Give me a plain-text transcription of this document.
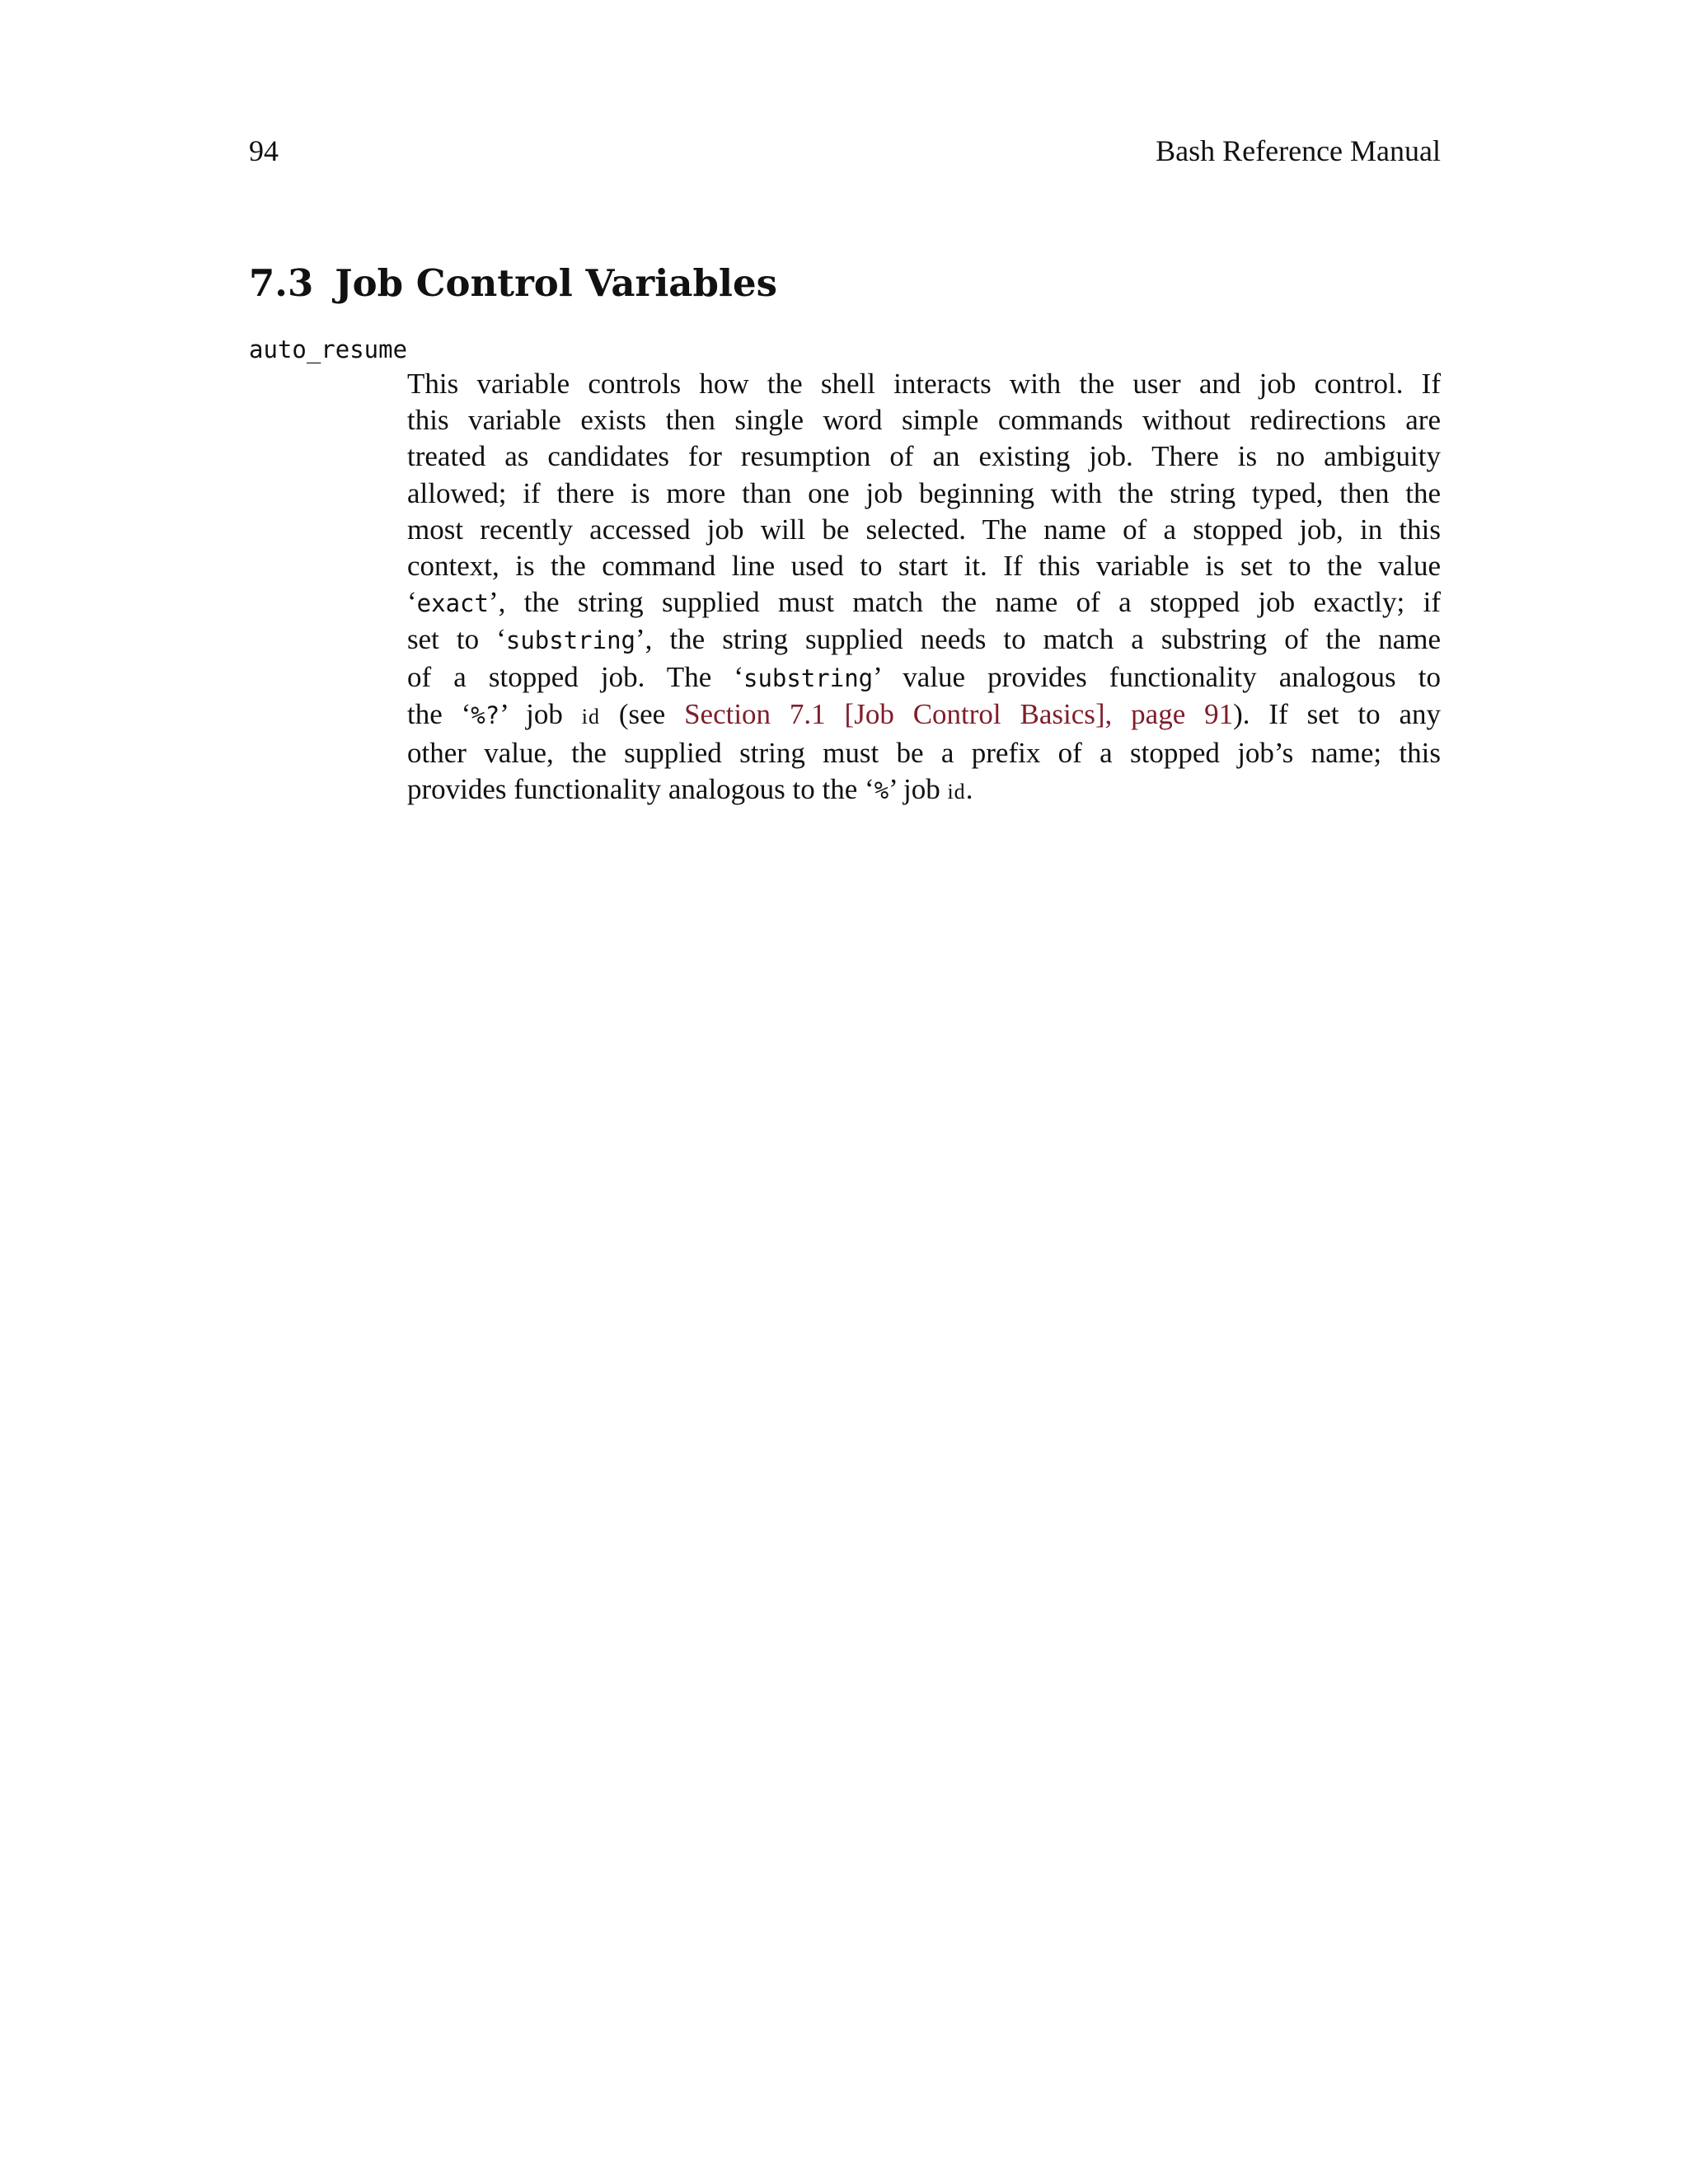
94	Bash Reference Manual
7.3 Job Control Variables
auto_resume
This variable controls how the shell interacts with the user and job control. If
this variable exists then single word simple commands without redirections are
treated as candidates for resumption of an existing job. There is no ambiguity
allowed; if there is more than one job beginning with the string typed, then the
most recently accessed job will be selected. The name of a stopped job, in this
context, is the command line used to start it. If this variable is set to the value
‘exact’, the string supplied must match the name of a stopped job exactly; if
set to ‘substring’, the string supplied needs to match a substring of the name
of a stopped job. The ‘substring’ value provides functionality analogous to
the ‘%?’ job id (see Section 7.1 [Job Control Basics], page 91). If set to any
other value, the supplied string must be a prefix of a stopped job’s name; this
provides functionality analogous to the ‘%’ job id.
